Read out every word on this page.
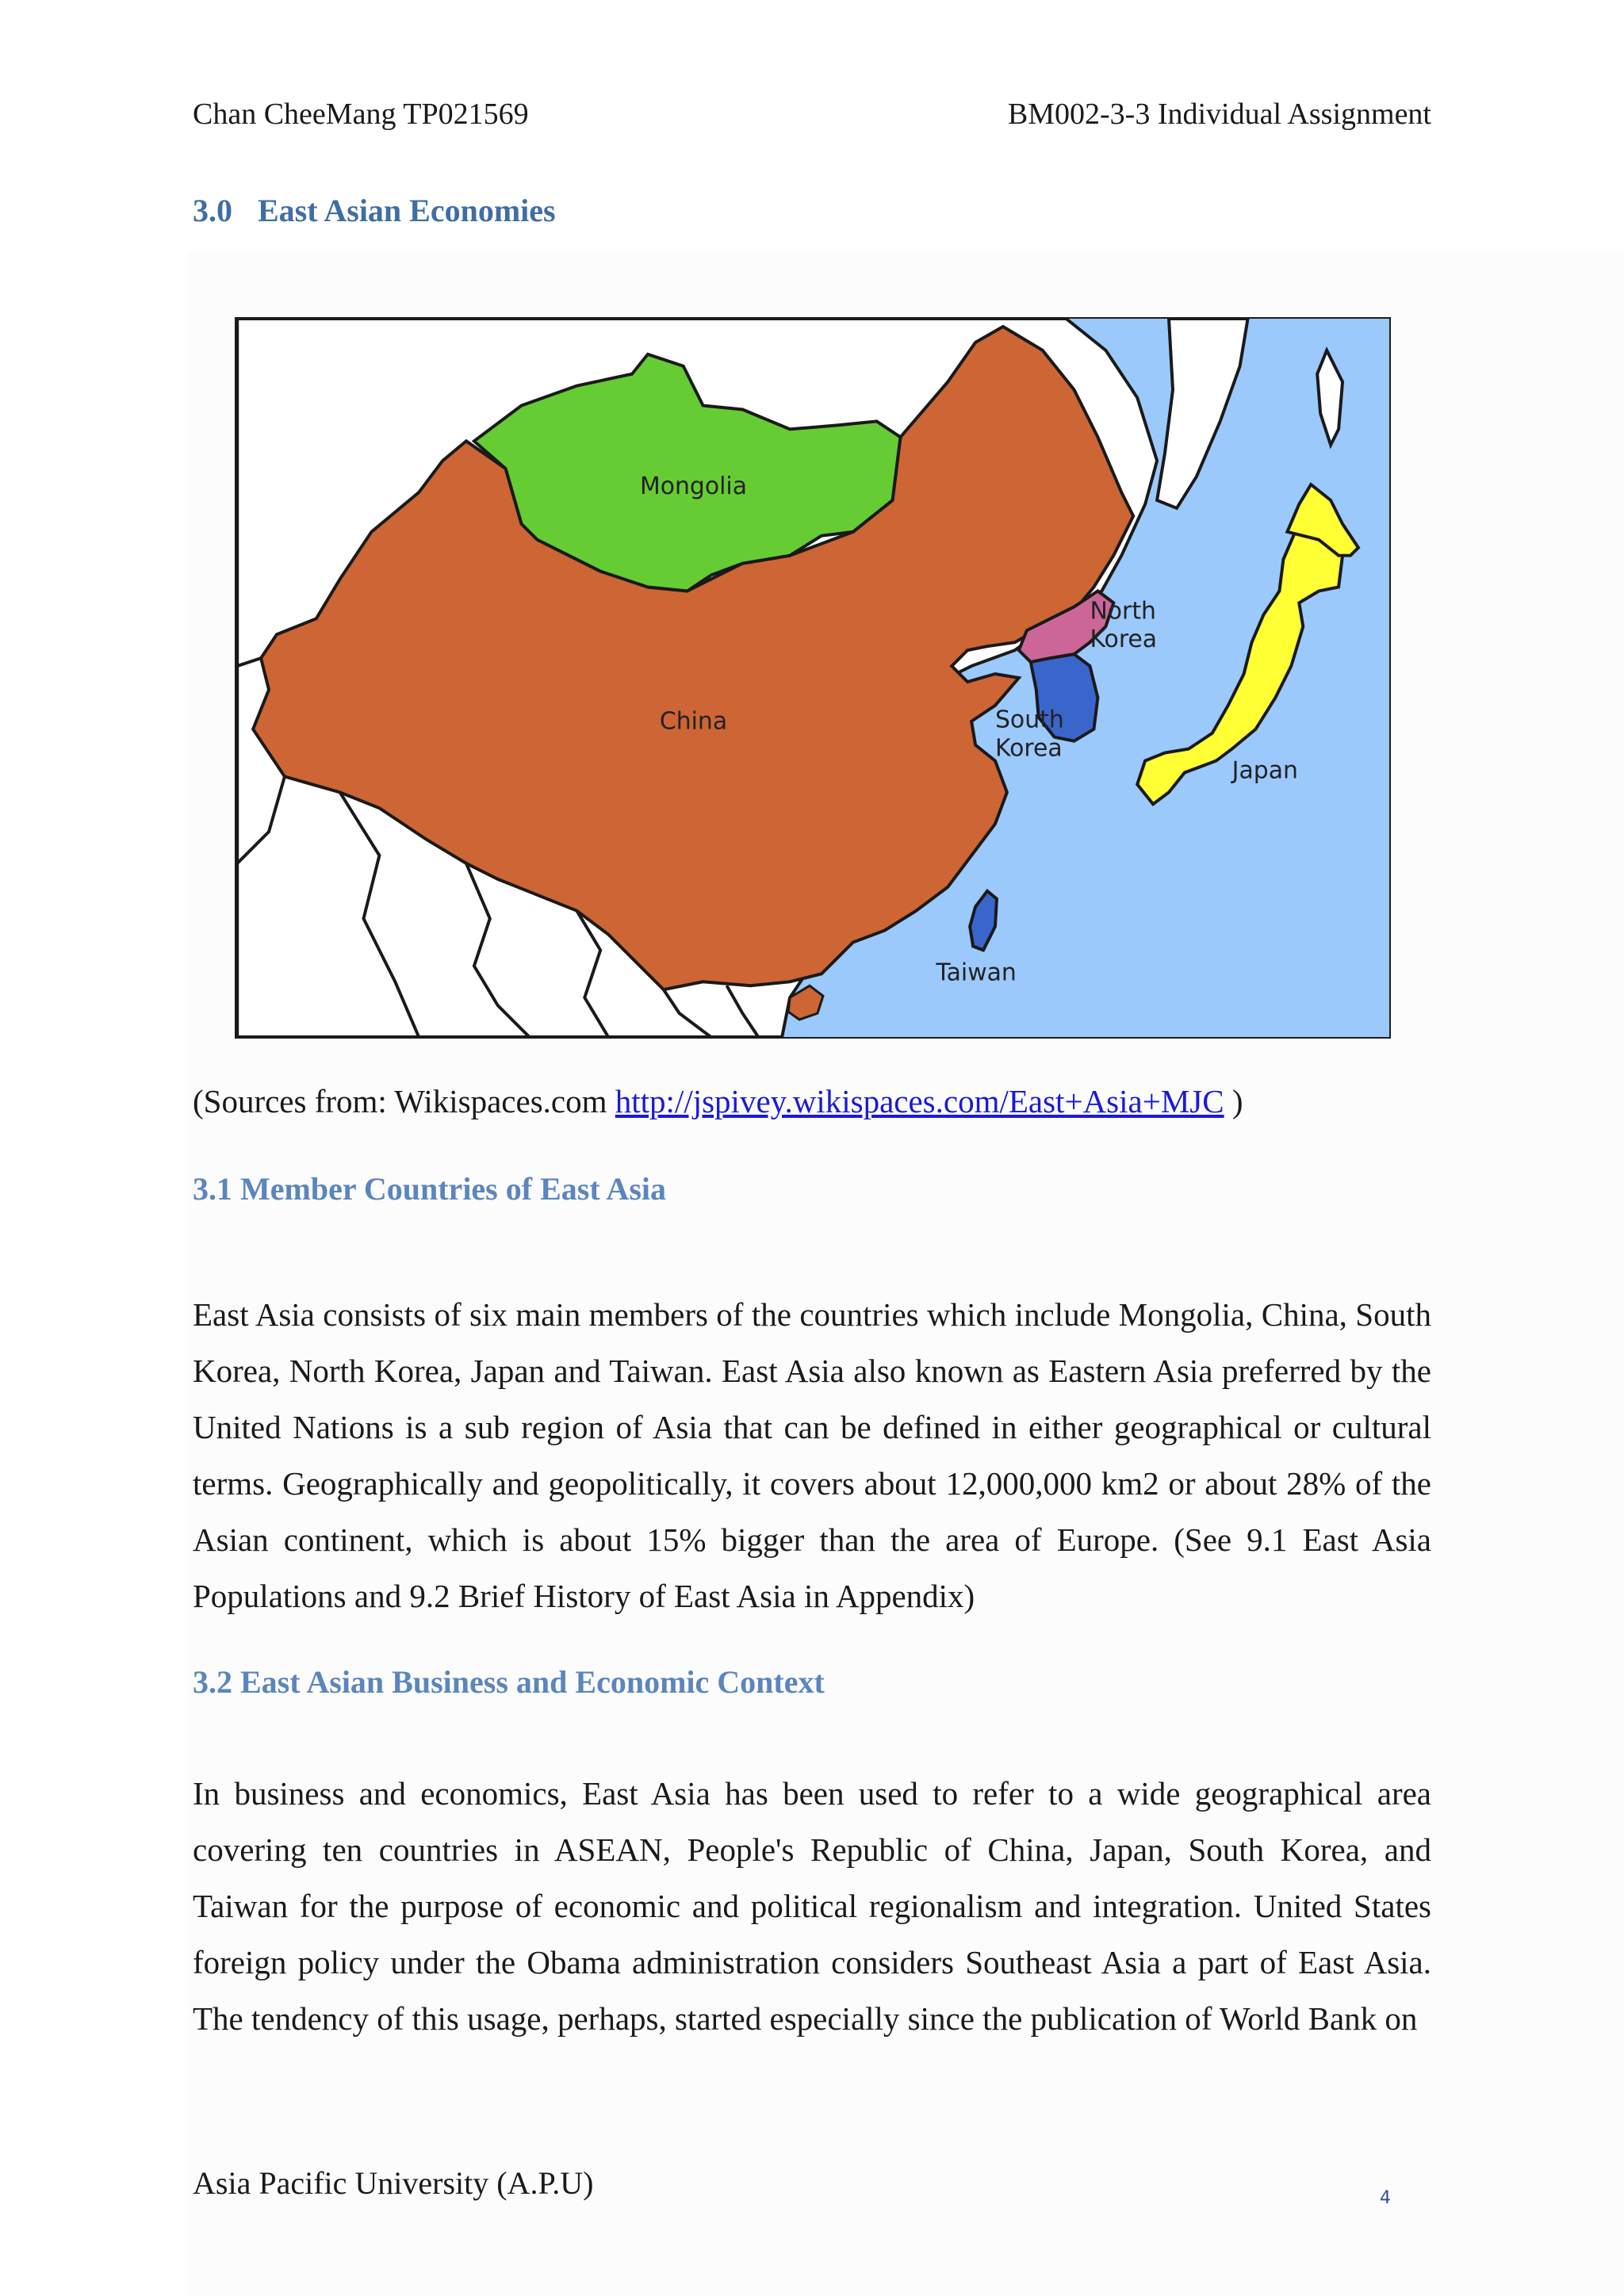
Chan CheeMang TP021569	BM002-3-3 Individual Assignment
3.0 East Asian Economies
Mongolia
China
North
Korea
South
Korea
Japan
Taiwan
(Sources from: Wikispaces.com http://jspivey.wikispaces.com/East+Asia+MJC )
3.1 Member Countries of East Asia

East Asia consists of six main members of the countries which include Mongolia, China, South Korea, North Korea, Japan and Taiwan. East Asia also known as Eastern Asia preferred by the United Nations is a sub region of Asia that can be defined in either geographical or cultural terms. Geographically and geopolitically, it covers about 12,000,000 km2 or about 28% of the Asian continent, which is about 15% bigger than the area of Europe. (See 9.1 East Asia Populations and 9.2 Brief History of East Asia in Appendix)

3.2 East Asian Business and Economic Context

In business and economics, East Asia has been used to refer to a wide geographical area covering ten countries in ASEAN, People's Republic of China, Japan, South Korea, and Taiwan for the purpose of economic and political regionalism and integration. United States foreign policy under the Obama administration considers Southeast Asia a part of East Asia. The tendency of this usage, perhaps, started especially since the publication of World Bank on

Asia Pacific University (A.P.U)	4
